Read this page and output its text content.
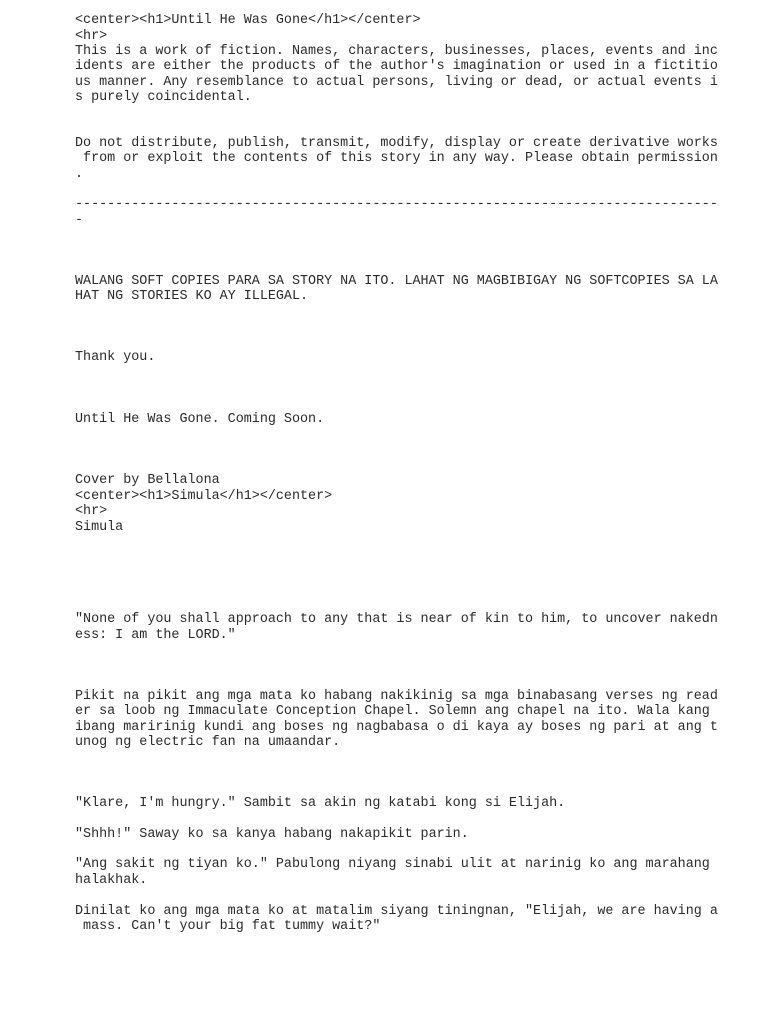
<center><h1>Until He Was Gone</h1></center>

<hr>

This is a work of fiction. Names, characters, businesses, places, events and inc

idents are either the products of the author's imagination or used in a fictitio

us manner. Any resemblance to actual persons, living or dead, or actual events i

s purely coincidental.

Do not distribute, publish, transmit, modify, display or create derivative works

from or exploit the contents of this story in any way. Please obtain permission

.

--------------------------------------------------------------------------------

-

WALANG SOFT COPIES PARA SA STORY NA ITO. LAHAT NG MAGBIBIGAY NG SOFTCOPIES SA LA

HAT NG STORIES KO AY ILLEGAL.

Thank you.

Until He Was Gone. Coming Soon.

Cover by Bellalona

<center><h1>Simula</h1></center>

<hr>

Simula

"None of you shall approach to any that is near of kin to him, to uncover nakedn

ess: I am the LORD."

Pikit na pikit ang mga mata ko habang nakikinig sa mga binabasang verses ng read

er sa loob ng Immaculate Conception Chapel. Solemn ang chapel na ito. Wala kang

ibang maririnig kundi ang boses ng nagbabasa o di kaya ay boses ng pari at ang t

unog ng electric fan na umaandar.

"Klare, I'm hungry." Sambit sa akin ng katabi kong si Elijah.

"Shhh!" Saway ko sa kanya habang nakapikit parin.

"Ang sakit ng tiyan ko." Pabulong niyang sinabi ulit at narinig ko ang marahang

halakhak.

Dinilat ko ang mga mata ko at matalim siyang tiningnan, "Elijah, we are having a

mass. Can't your big fat tummy wait?"
